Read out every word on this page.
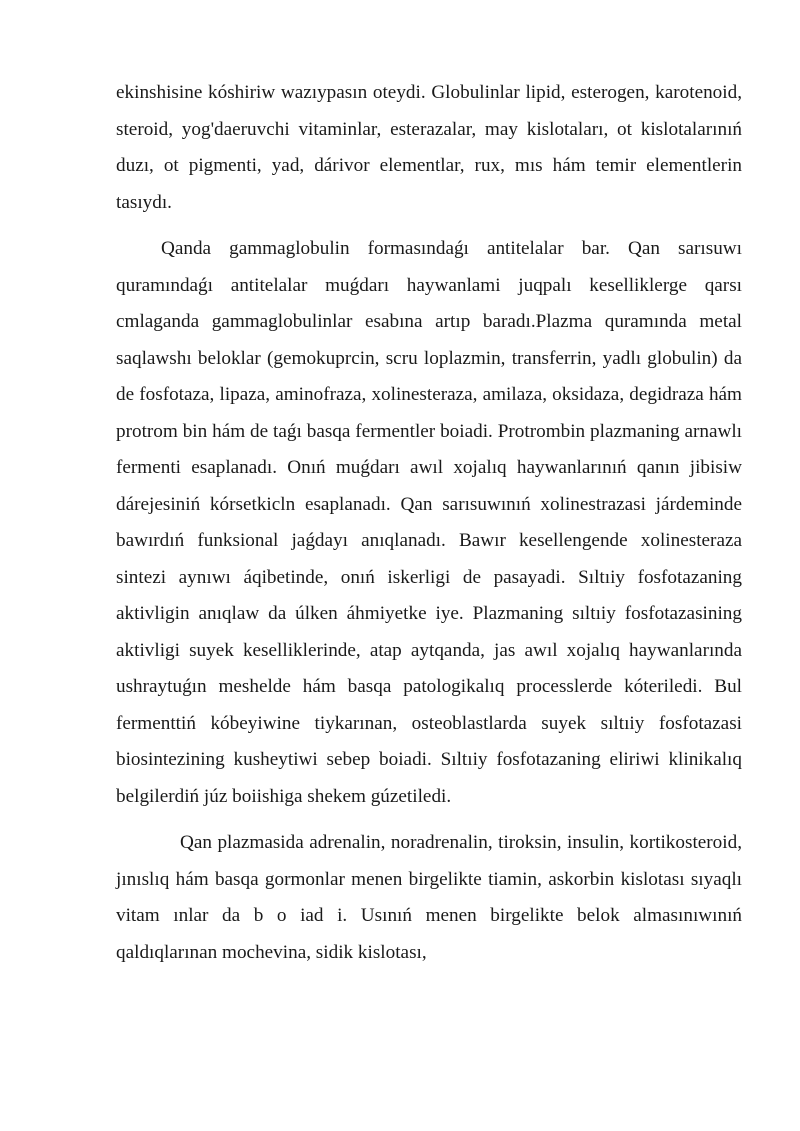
ekinshisine kóshiriw wazıypasın oteydi. Globulinlar lipid, esterogen, karotenoid, steroid, yog'daeruvchi vitaminlar, esterazalar, may kislotaları, ot kislotalarınıń duzı, ot pigmenti, yad, dárivor elementlar, rux, mıs hám temir elementlerin tasıydı.

Qanda gammaglobulin formasındaǵı antitelalar bar. Qan sarısuwı quramındaǵı antitelalar muǵdarı haywanlami juqpalı keselliklerge qarsı cmlaganda gammaglobulinlar esabına artıp baradı.Plazma quramında metal saqlawshı beloklar (gemokuprcin, scru loplazmin, transferrin, yadlı globulin) da de fosfotaza, lipaza, aminofraza, xolinesteraza, amilaza, oksidaza, degidraza hám protrom bin hám de taǵı basqa fermentler boiadi. Protrombin plazmaning arnawlı fermenti esaplanadı. Onıń muǵdarı awıl xojalıq haywanlarınıń qanın jibisiw dárejesiniń kórsetkicln esaplanadı. Qan sarısuwınıń xolinestrazasi járdeminde bawırdıń funksional jaǵdayı anıqlanadı. Bawır kesellengende xolinesteraza sintezi aynıwı áqibetinde, onıń iskerligi de pasayadi. Sıltıiy fosfotazaning aktivligin anıqlaw da úlken áhmiyetke iye. Plazmaning sıltıiy fosfotazasining aktivligi suyek keselliklerinde, atap aytqanda, jas awıl xojalıq haywanlarında ushraytuǵın meshelde hám basqa patologikalıq processlerde kóteriledi. Bul fermenttiń kóbeyiwine tiykarınan, osteoblastlarda suyek sıltıiy fosfotazasi biosintezining kusheytiwi sebep boiadi. Sıltıiy fosfotazaning eliriwi klinikalıq belgilerdiń júz boiishiga shekem gúzetiledi.

Qan plazmasida adrenalin, noradrenalin, tiroksin, insulin, kortikosteroid, jınıslıq hám basqa gormonlar menen birgelikte tiamin, askorbin kislotası sıyaqlı vitam ınlar da b o iad i. Usınıń menen birgelikte belok almasınıwınıń qaldıqlarınan mochevina, sidik kislotası,
